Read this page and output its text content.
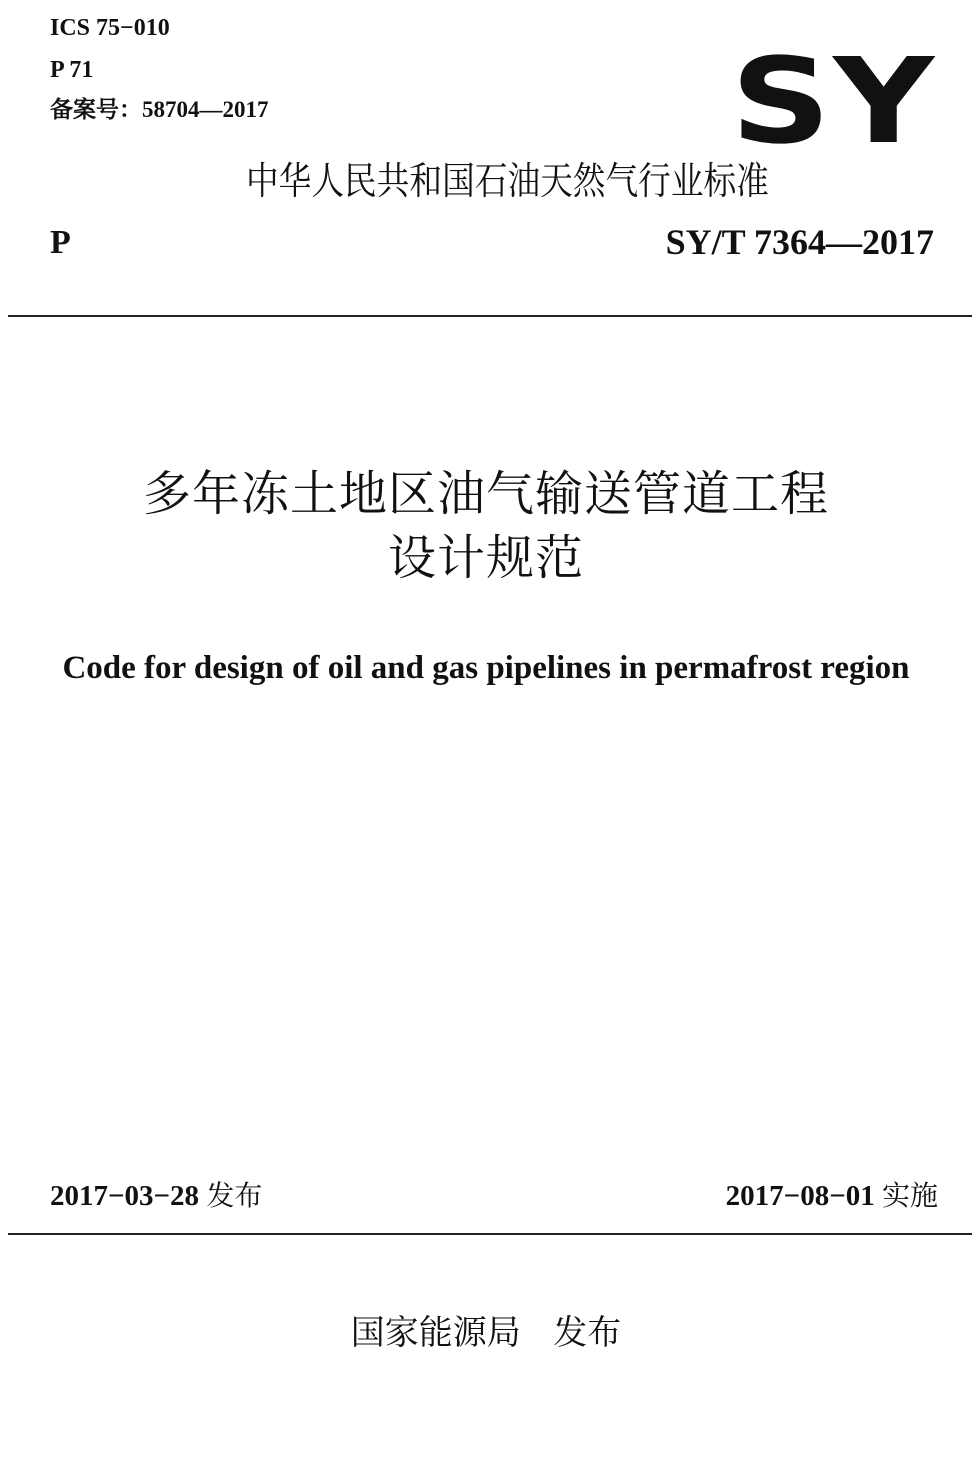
ICS 75−010
P 71
备案号：58704—2017	SY
中华人民共和国石油天然气行业标准
P	SY/T 7364—2017
多年冻土地区油气输送管道工程
设计规范
Code for design of oil and gas pipelines in permafrost region
2017−03−28 发布	2017−08−01 实施
国家能源局 发布
